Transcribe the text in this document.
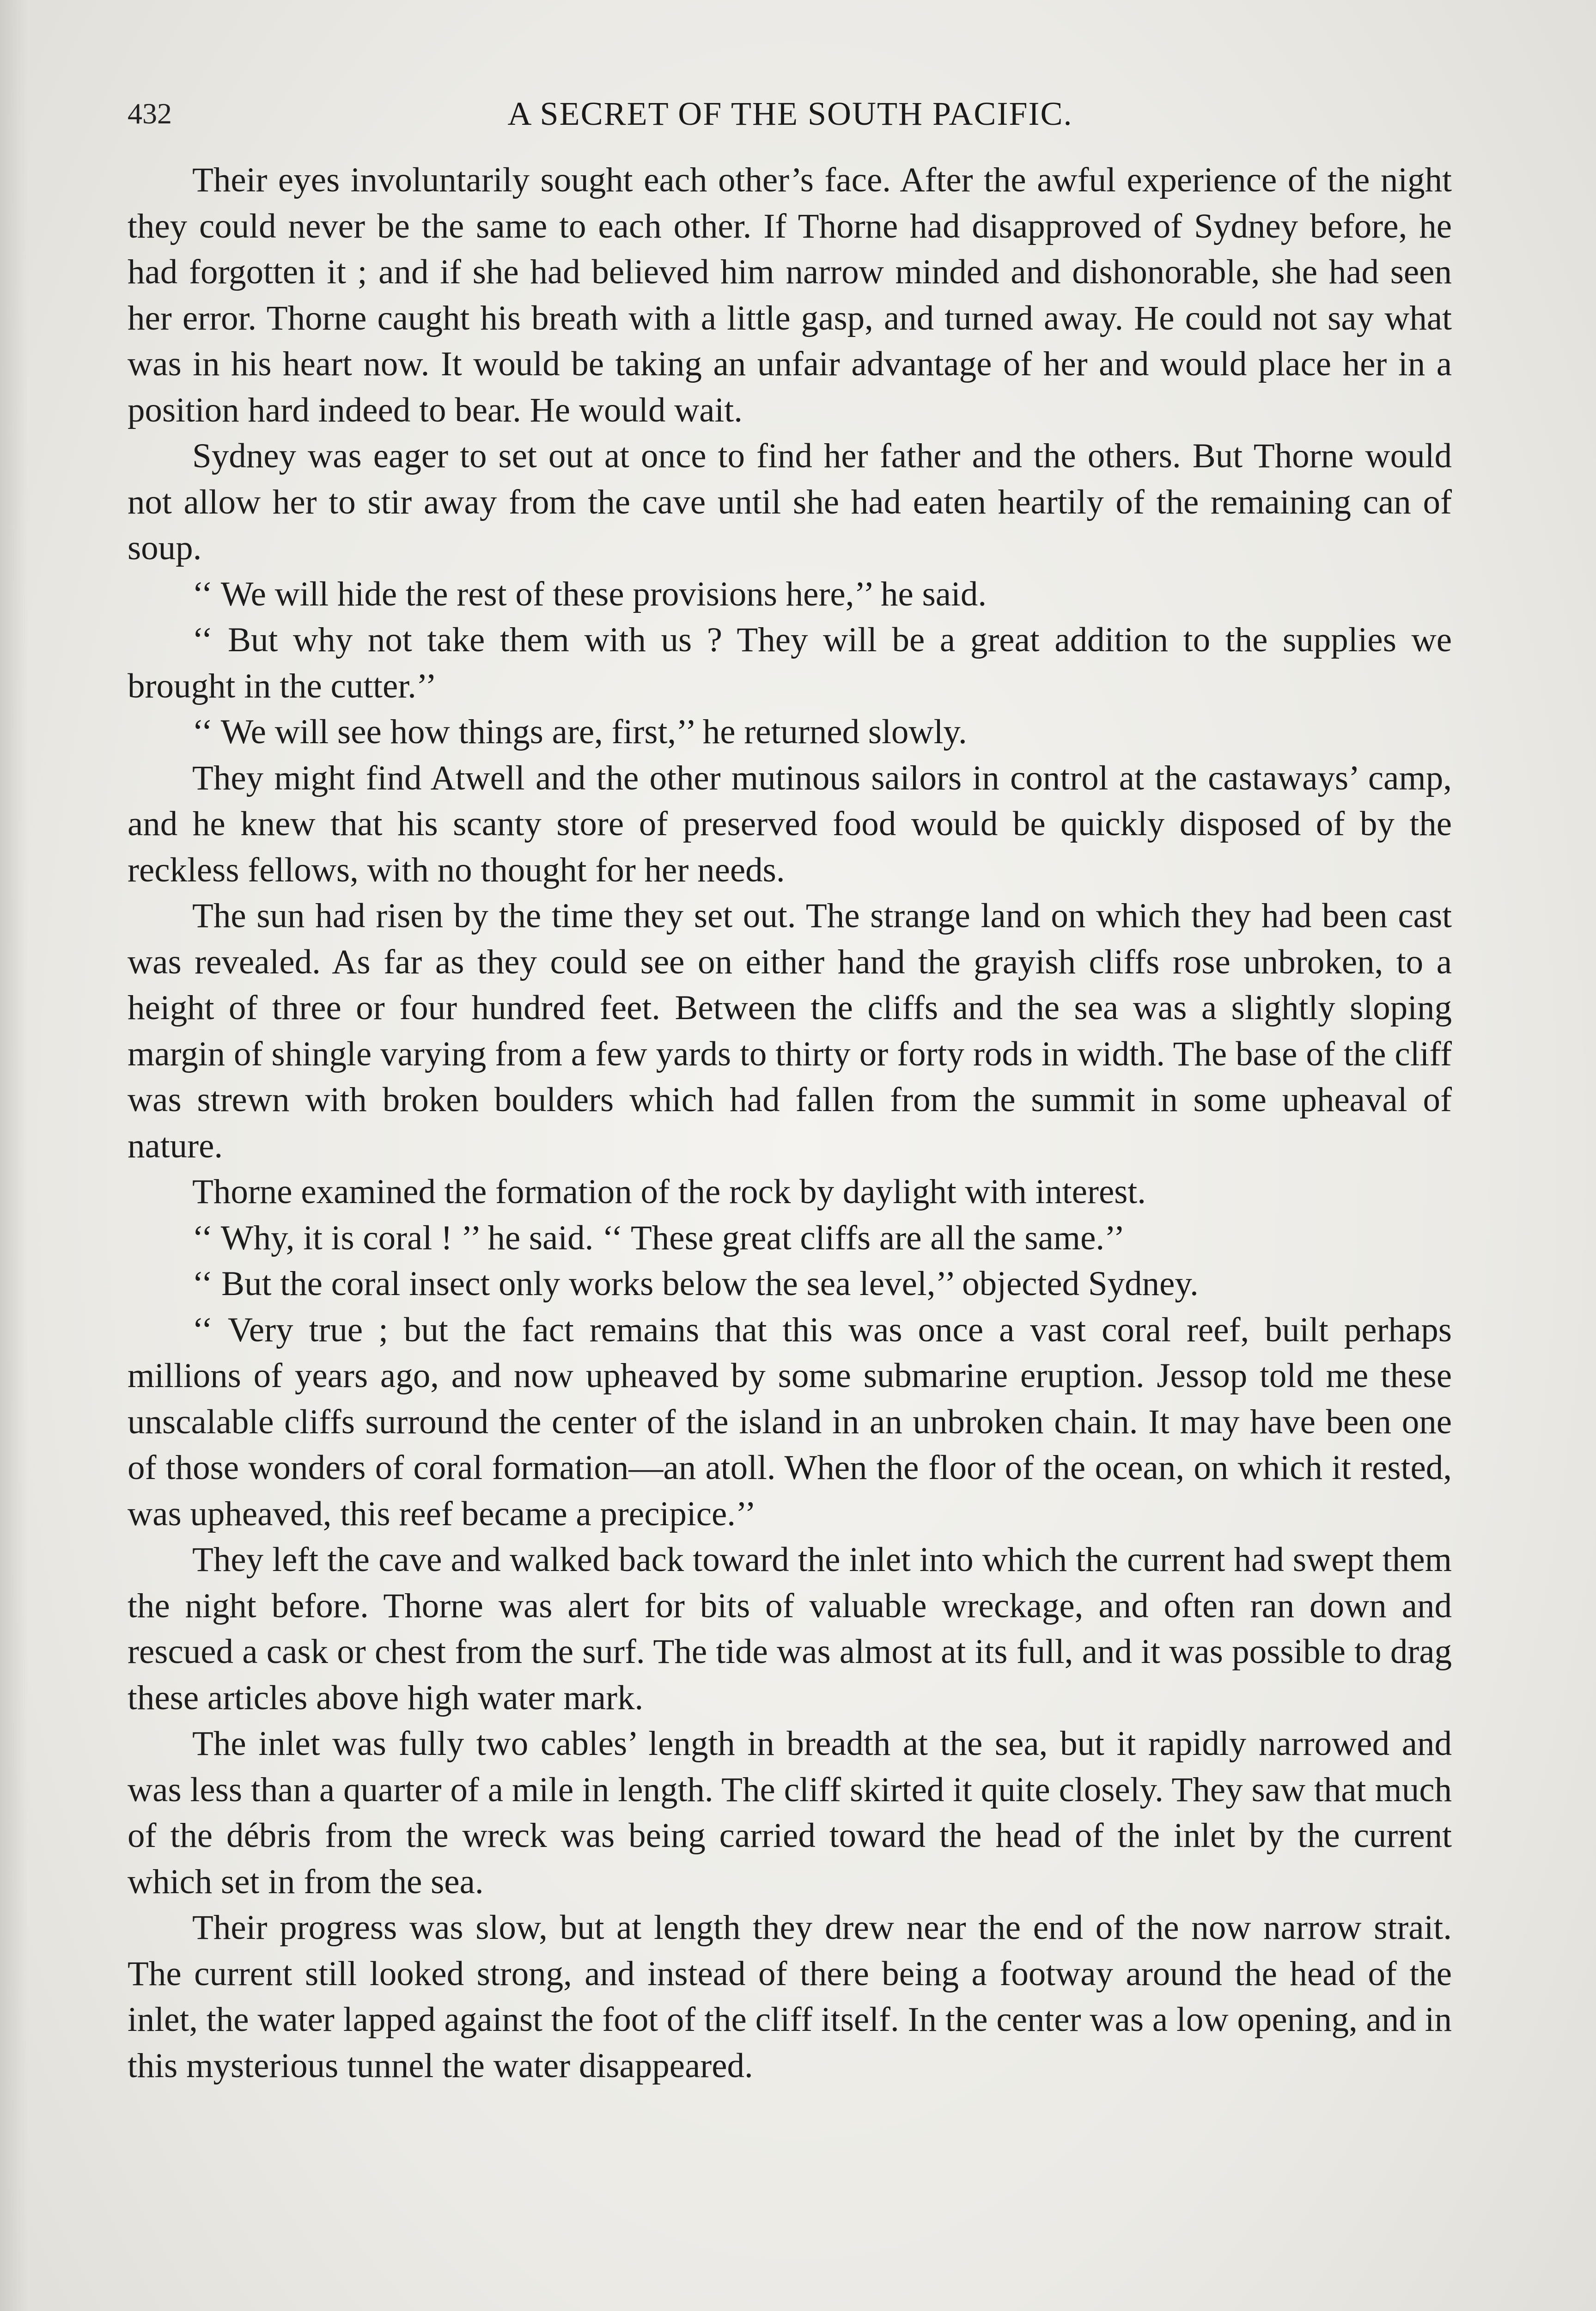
432	A SECRET OF THE SOUTH PACIFIC.

Their eyes involuntarily sought each other’s face. After the awful experience of the night they could never be the same to each other. If Thorne had disapproved of Sydney before, he had forgotten it ; and if she had believed him narrow minded and dishonorable, she had seen her error. Thorne caught his breath with a little gasp, and turned away. He could not say what was in his heart now. It would be taking an unfair advantage of her and would place her in a position hard indeed to bear. He would wait.

Sydney was eager to set out at once to find her father and the others. But Thorne would not allow her to stir away from the cave until she had eaten heartily of the remaining can of soup.

‘‘ We will hide the rest of these provisions here,’’ he said.

‘‘ But why not take them with us ? They will be a great addition to the supplies we brought in the cutter.’’

‘‘ We will see how things are, first,’’ he returned slowly.

They might find Atwell and the other mutinous sailors in control at the castaways’ camp, and he knew that his scanty store of preserved food would be quickly disposed of by the reckless fellows, with no thought for her needs.

The sun had risen by the time they set out. The strange land on which they had been cast was revealed. As far as they could see on either hand the grayish cliffs rose unbroken, to a height of three or four hundred feet. Between the cliffs and the sea was a slightly sloping margin of shingle varying from a few yards to thirty or forty rods in width. The base of the cliff was strewn with broken boulders which had fallen from the summit in some upheaval of nature.

Thorne examined the formation of the rock by daylight with interest.

‘‘ Why, it is coral ! ’’ he said. ‘‘ These great cliffs are all the same.’’

‘‘ But the coral insect only works below the sea level,’’ objected Sydney.

‘‘ Very true ; but the fact remains that this was once a vast coral reef, built perhaps millions of years ago, and now upheaved by some submarine eruption. Jessop told me these unscalable cliffs surround the center of the island in an unbroken chain. It may have been one of those wonders of coral formation—an atoll. When the floor of the ocean, on which it rested, was upheaved, this reef became a precipice.’’

They left the cave and walked back toward the inlet into which the current had swept them the night before. Thorne was alert for bits of valuable wreckage, and often ran down and rescued a cask or chest from the surf. The tide was almost at its full, and it was possible to drag these articles above high water mark.

The inlet was fully two cables’ length in breadth at the sea, but it rapidly narrowed and was less than a quarter of a mile in length. The cliff skirted it quite closely. They saw that much of the débris from the wreck was being carried toward the head of the inlet by the current which set in from the sea.

Their progress was slow, but at length they drew near the end of the now narrow strait. The current still looked strong, and instead of there being a footway around the head of the inlet, the water lapped against the foot of the cliff itself. In the center was a low opening, and in this mysterious tunnel the water disappeared.
